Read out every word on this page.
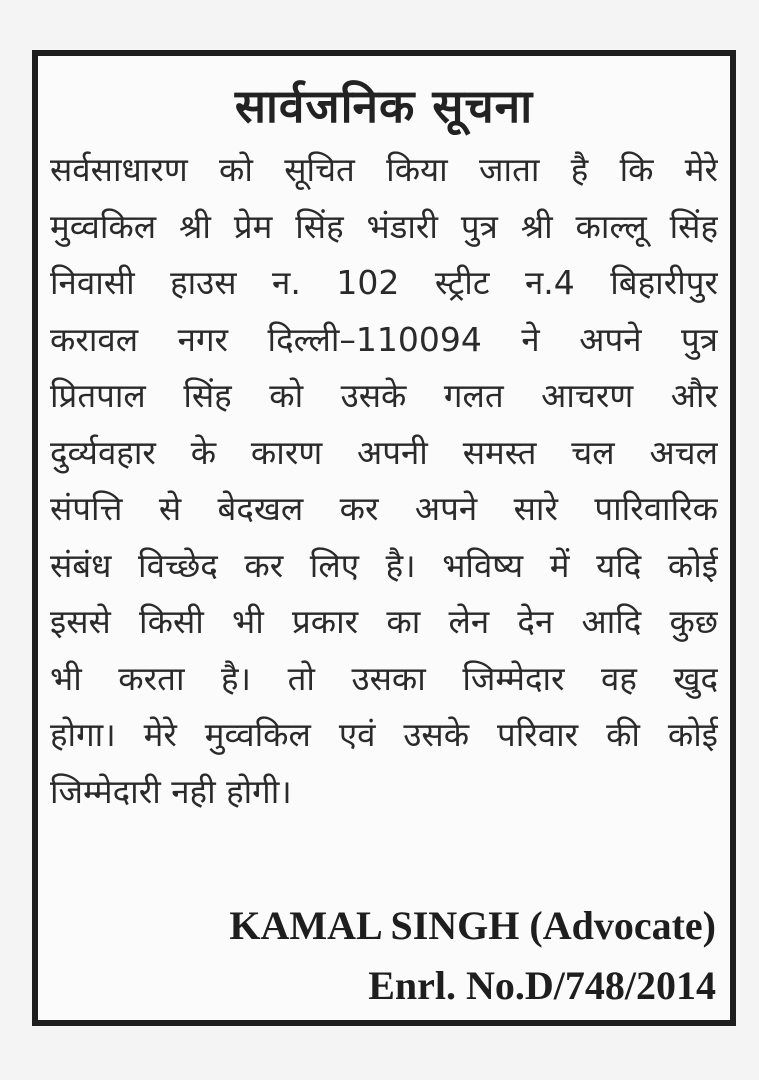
सार्वजनिक सूचना
सर्वसाधारण को सूचित किया जाता है कि मेरे
मुव्वकिल श्री प्रेम सिंह भंडारी पुत्र श्री काल्लू सिंह
निवासी हाउस न. 102 स्ट्रीट न.4 बिहारीपुर
करावल नगर दिल्ली–110094 ने अपने पुत्र
प्रितपाल सिंह को उसके गलत आचरण और
दुर्व्यवहार के कारण अपनी समस्त चल अचल
संपत्ति से बेदखल कर अपने सारे पारिवारिक
संबंध विच्छेद कर लिए है। भविष्य में यदि कोई
इससे किसी भी प्रकार का लेन देन आदि कुछ
भी करता है। तो उसका जिम्मेदार वह खुद
होगा। मेरे मुव्वकिल एवं उसके परिवार की कोई
जिम्मेदारी नही होगी।
KAMAL SINGH (Advocate)
Enrl. No.D/748/2014
